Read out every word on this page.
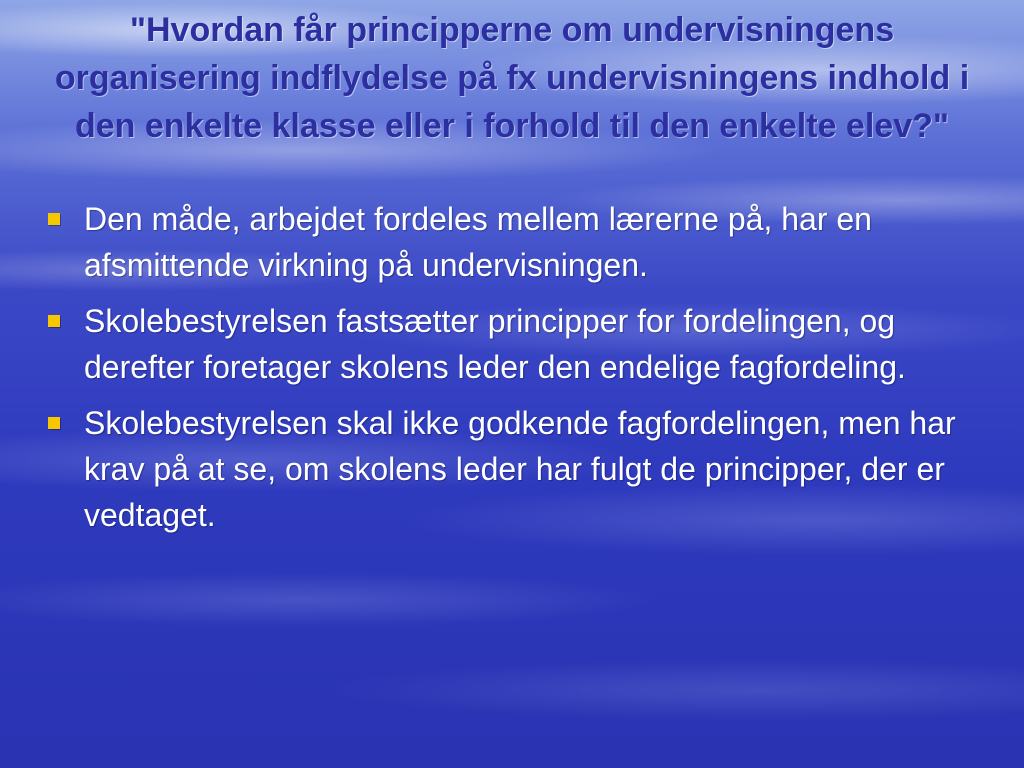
"Hvordan får principperne om undervisningens organisering indflydelse på fx undervisningens indhold i den enkelte klasse eller i forhold til den enkelte elev?"
Den måde, arbejdet fordeles mellem lærerne på, har en afsmittende virkning på undervisningen.
Skolebestyrelsen fastsætter principper for fordelingen, og derefter foretager skolens leder den endelige fagfordeling.
Skolebestyrelsen skal ikke godkende fagfordelingen, men har krav på at se, om skolens leder har fulgt de principper, der er vedtaget.
